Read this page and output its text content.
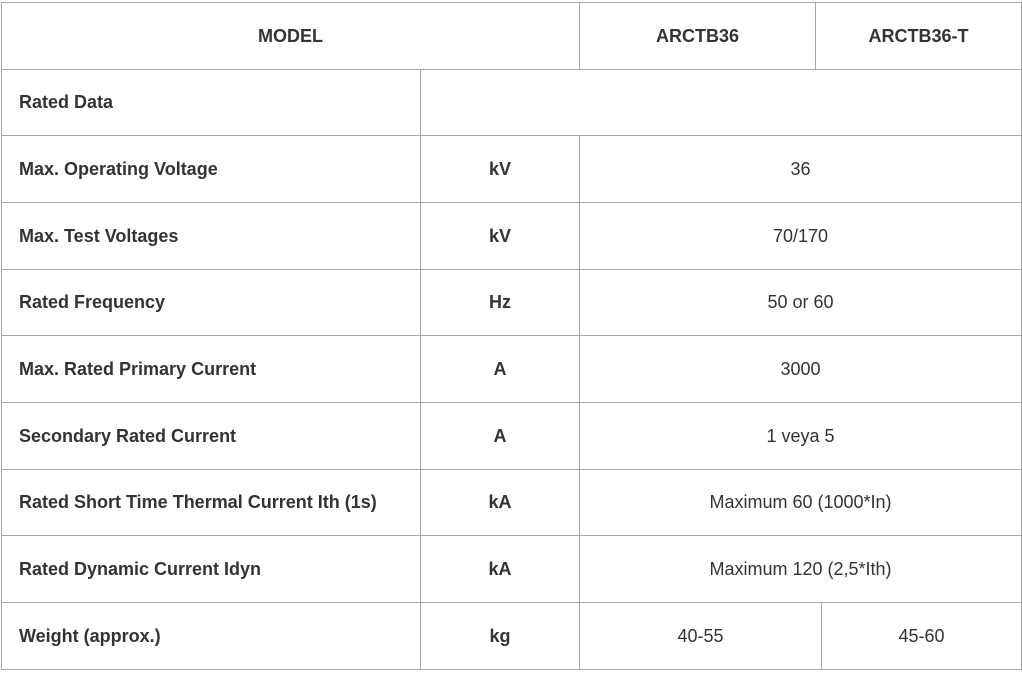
MODEL	ARCTB36	ARCTB36-T
Rated Data
Max. Operating Voltage	kV	36
Max. Test Voltages	kV	70/170
Rated Frequency	Hz	50 or 60
Max. Rated Primary Current	A	3000
Secondary Rated Current	A	1 veya 5
Rated Short Time Thermal Current Ith (1s)	kA	Maximum 60 (1000*In)
Rated Dynamic Current Idyn	kA	Maximum 120 (2,5*Ith)
Weight (approx.)	kg	40-55	45-60
